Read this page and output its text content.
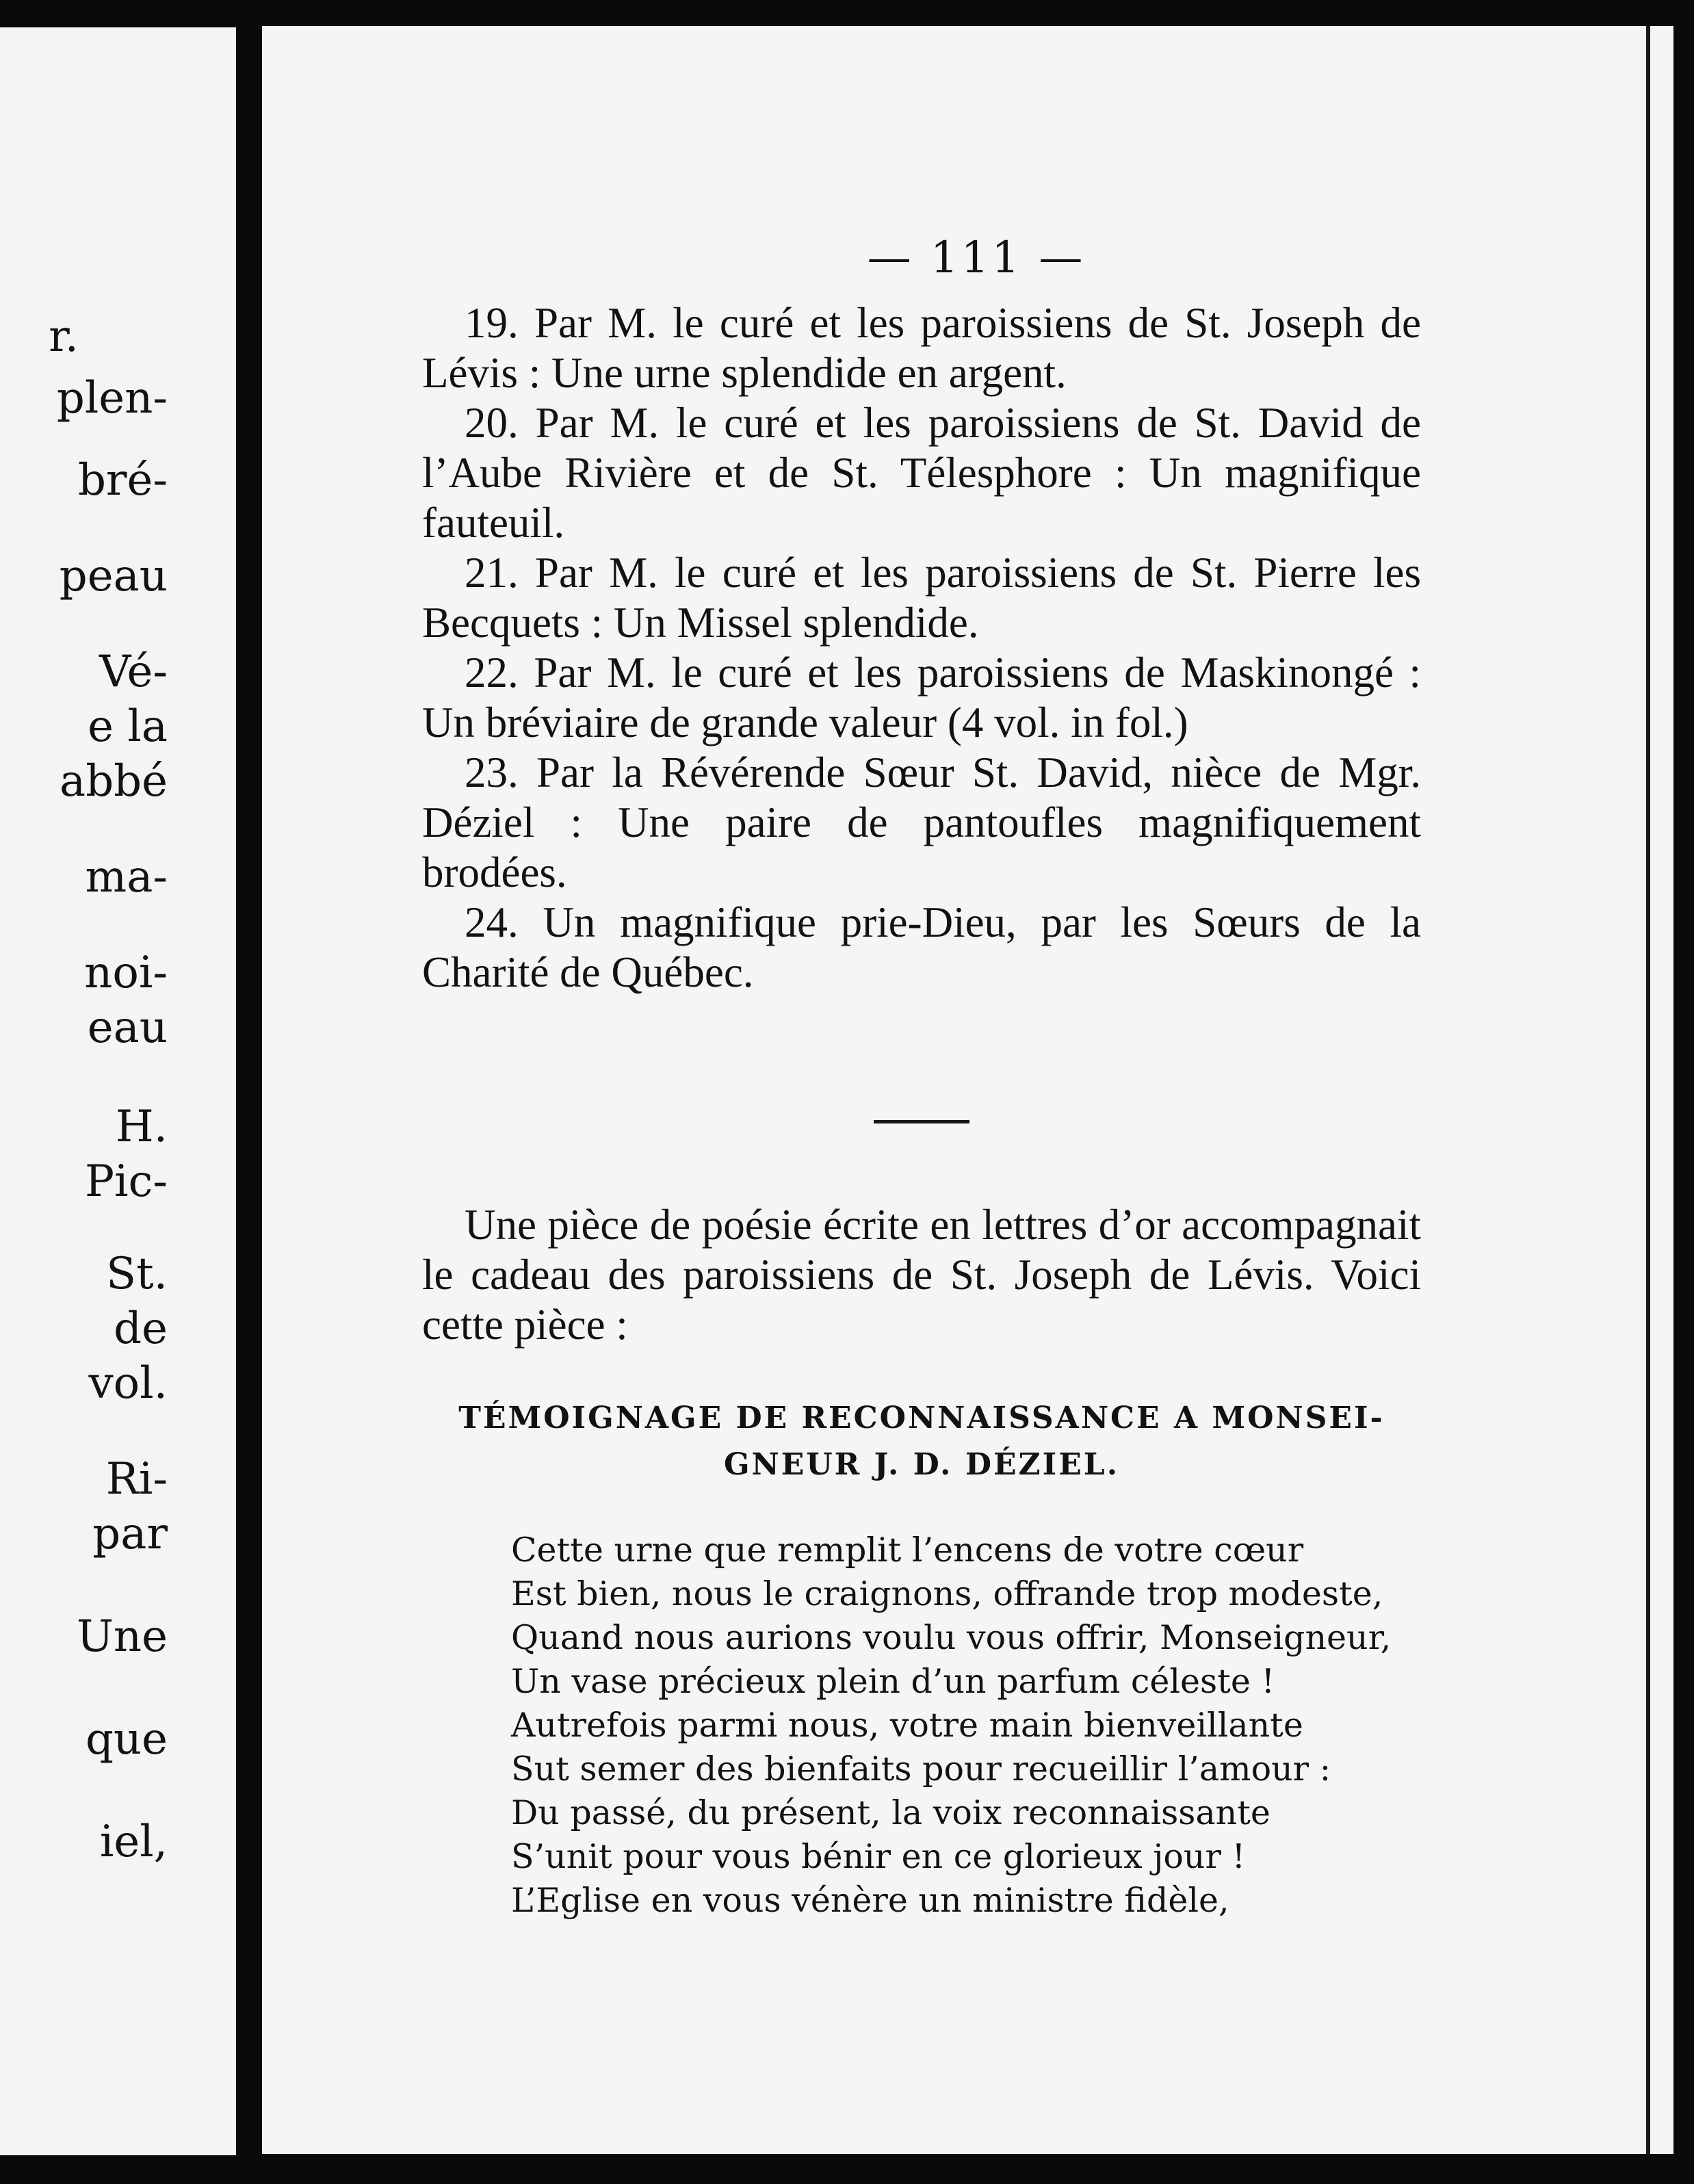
r.
plen-
bré-
peau
Vé-
e la
abbé
ma-
noi-
eau
H.
Pic-
St.
de
vol.
Ri-
par
Une
que
iel,
— 111 —

19. Par M. le curé et les paroissiens de St. Joseph de Lévis : Une urne splendide en argent.

20. Par M. le curé et les paroissiens de St. David de l’Aube Rivière et de St. Télesphore : Un magnifique fauteuil.

21. Par M. le curé et les paroissiens de St. Pierre les Becquets : Un Missel splendide.

22. Par M. le curé et les paroissiens de Maskinongé : Un bréviaire de grande valeur (4 vol. in fol.)

23. Par la Révérende Sœur St. David, nièce de Mgr. Déziel : Une paire de pantoufles magnifiquement brodées.

24. Un magnifique prie-Dieu, par les Sœurs de la Charité de Québec.

Une pièce de poésie écrite en lettres d’or accompagnait le cadeau des paroissiens de St. Joseph de Lévis. Voici cette pièce :

TÉMOIGNAGE DE RECONNAISSANCE A MONSEI-
GNEUR J. D. DÉZIEL.
Cette urne que remplit l’encens de votre cœur
Est bien, nous le craignons, offrande trop modeste,
Quand nous aurions voulu vous offrir, Monseigneur,
Un vase précieux plein d’un parfum céleste !
Autrefois parmi nous, votre main bienveillante
Sut semer des bienfaits pour recueillir l’amour :
Du passé, du présent, la voix reconnaissante
S’unit pour vous bénir en ce glorieux jour !
L’Eglise en vous vénère un ministre fidèle,
